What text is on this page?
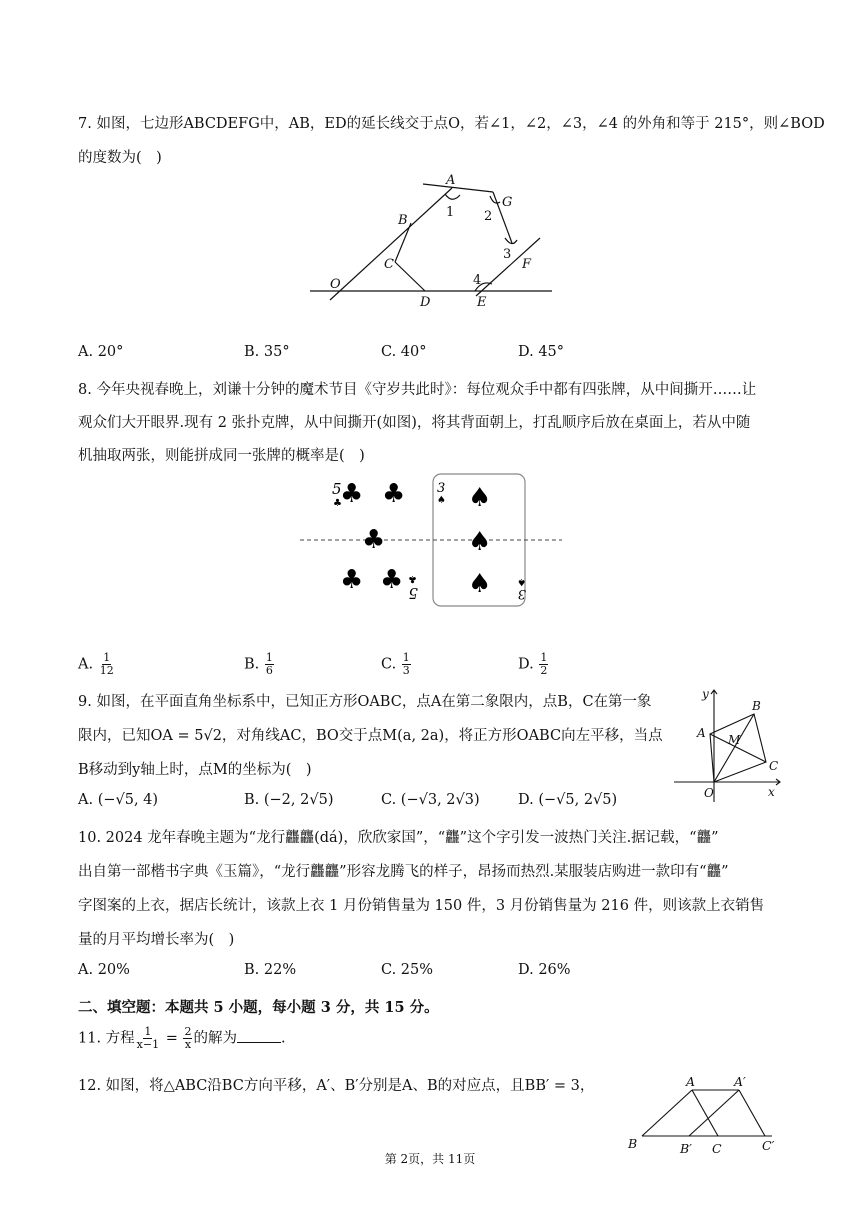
7. 如图，七边形ABCDEFG中，AB，ED的延长线交于点O，若∠1，∠2，∠3，∠4 的外角和等于 215°，则∠BOD
的度数为(　)
A
B
C
D	E
F
G
O
1 2
3
4
A. 20°	B. 35°	C. 40°	D. 45°
8. 今年央视春晚上，刘谦十分钟的魔术节目《守岁共此时》：每位观众手中都有四张牌，从中间撕开……让
观众们大开眼界.现有 2 张扑克牌，从中间撕开(如图)，将其背面朝上，打乱顺序后放在桌面上，若从中随
机抽取两张，则能拼成同一张牌的概率是(　)
♣ ♣
♣
♣ ♣
♠
♠
♠
5
♣
3
♠
5
♣
3
♠
A. $\frac{1}{12}$	B. $\frac{1}{6}$	C. $\frac{1}{3}$	D. $\frac{1}{2}$
9. 如图，在平面直角坐标系中，已知正方形OABC，点A在第二象限内，点B，C在第一象
限内，已知OA = 5√2，对角线AC，BO交于点M(a, 2a)，将正方形OABC向左平移，当点
B移动到y轴上时，点M的坐标为(　)
y
B
A M
C
O	x
A. (−√5, 4)	B. (−2, 2√5)	C. (−√3, 2√3)	D. (−√5, 2√5)
10. 2024 龙年春晚主题为“龙行龘龘(dá)，欣欣家国”，“龘”这个字引发一波热门关注.据记载，“龘”
出自第一部楷书字典《玉篇》，“龙行龘龘”形容龙腾飞的样子，昂扬而热烈.某服装店购进一款印有“龘”
字图案的上衣，据店长统计，该款上衣 1 月份销售量为 150 件，3 月份销售量为 216 件，则该款上衣销售
量的月平均增长率为(　)
A. 20%	B. 22%	C. 25%	D. 26%
二、填空题：本题共 5 小题，每小题 3 分，共 15 分。
11. 方程 $\frac{1}{x-1} = \frac{2}{x}$ 的解为	.
12. 如图，将△ABC沿BC方向平移，A′、B′分别是A、B的对应点，且BB′ = 3，	A	A′
B	B′ C	C′
第 2页，共 11页
